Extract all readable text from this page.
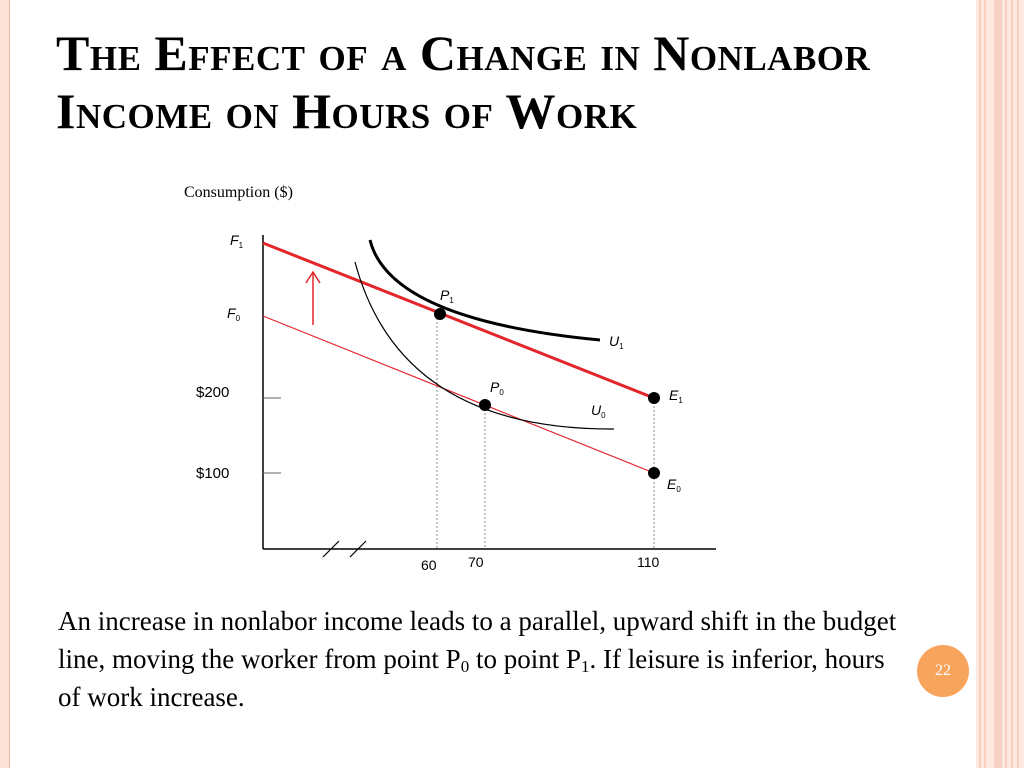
The Effect of a Change in Nonlabor
Income on Hours of Work
Consumption ($)
$F_1$
$F_0$
$200
$100
60 70	110
$P_1$
$P_0$	$E_1$
$E_0$
$U_1$
$U_0$

An increase in nonlabor income leads to a parallel, upward shift in the budget line, moving the worker from point $P_0$ to point $P_1$. If leisure is inferior, hours of work increase.

22
